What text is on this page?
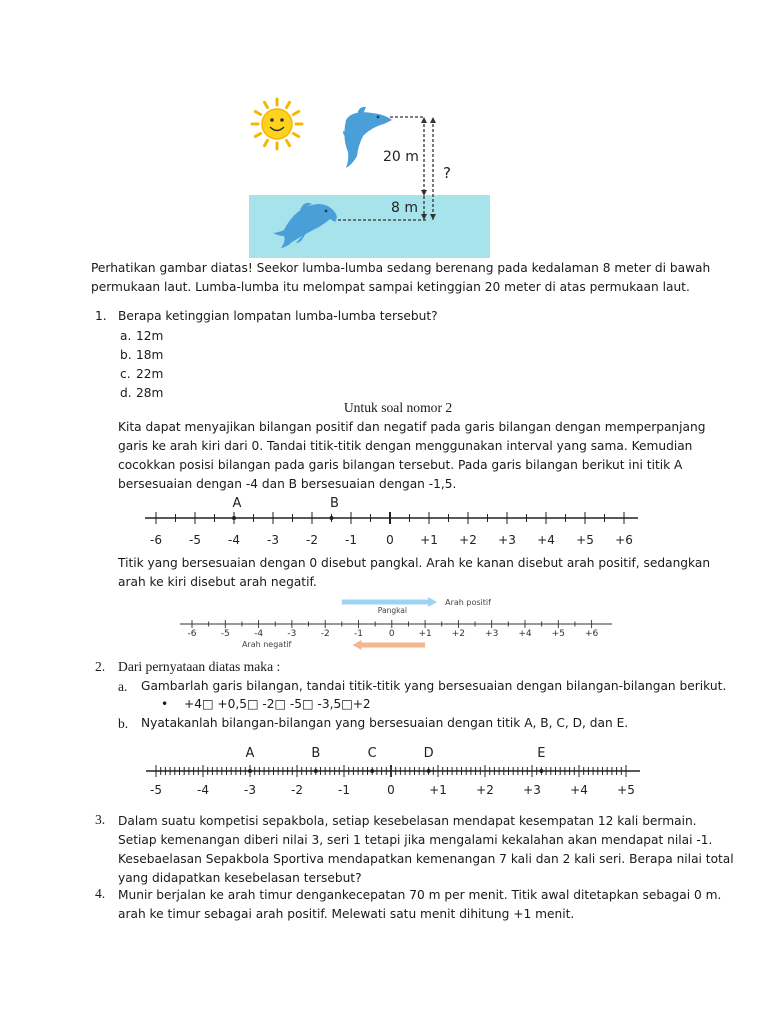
20 m
8 m
?
Perhatikan gambar diatas! Seekor lumba-lumba sedang berenang pada kedalaman 8 meter di bawah
permukaan laut. Lumba-lumba itu melompat sampai ketinggian 20 meter di atas permukaan laut.
1. Berapa ketinggian lompatan lumba-lumba tersebut?
a. 12m
b. 18m
c. 22m
d. 28m
Untuk soal nomor 2
Kita dapat menyajikan bilangan positif dan negatif pada garis bilangan dengan memperpanjang
garis ke arah kiri dari 0. Tandai titik-titik dengan menggunakan interval yang sama. Kemudian
cocokkan posisi bilangan pada garis bilangan tersebut. Pada garis bilangan berikut ini titik A
bersesuaian dengan -4 dan B bersesuaian dengan -1,5.
-6 -5 -4 -3 -2 -1 0 +1 +2 +3 +4 +5 +6
A	B
Titik yang bersesuaian dengan 0 disebut pangkal. Arah ke kanan disebut arah positif, sedangkan
arah ke kiri disebut arah negatif.
-6	-5	-4	-3	-2	-1	0	+1 +2 +3 +4 +5 +6
Arah positif
Pangkal
Arah negatif
2. Dari pernyataan diatas maka :
a. Gambarlah garis bilangan, tandai titik-titik yang bersesuaian dengan bilangan-bilangan berikut.
• +4□ +0,5□ -2□ -5□ -3,5□+2
b. Nyatakanlah bilangan-bilangan yang bersesuaian dengan titik A, B, C, D, dan E.
-5	-4	-3	-2	-1	0	+1 +2 +3 +4 +5
A	B	C	D	E
3. Dalam suatu kompetisi sepakbola, setiap kesebelasan mendapat kesempatan 12 kali bermain.
Setiap kemenangan diberi nilai 3, seri 1 tetapi jika mengalami kekalahan akan mendapat nilai -1.
Kesebaelasan Sepakbola Sportiva mendapatkan kemenangan 7 kali dan 2 kali seri. Berapa nilai total
yang didapatkan kesebelasan tersebut?
4. Munir berjalan ke arah timur dengankecepatan 70 m per menit. Titik awal ditetapkan sebagai 0 m.
arah ke timur sebagai arah positif. Melewati satu menit dihitung +1 menit.
